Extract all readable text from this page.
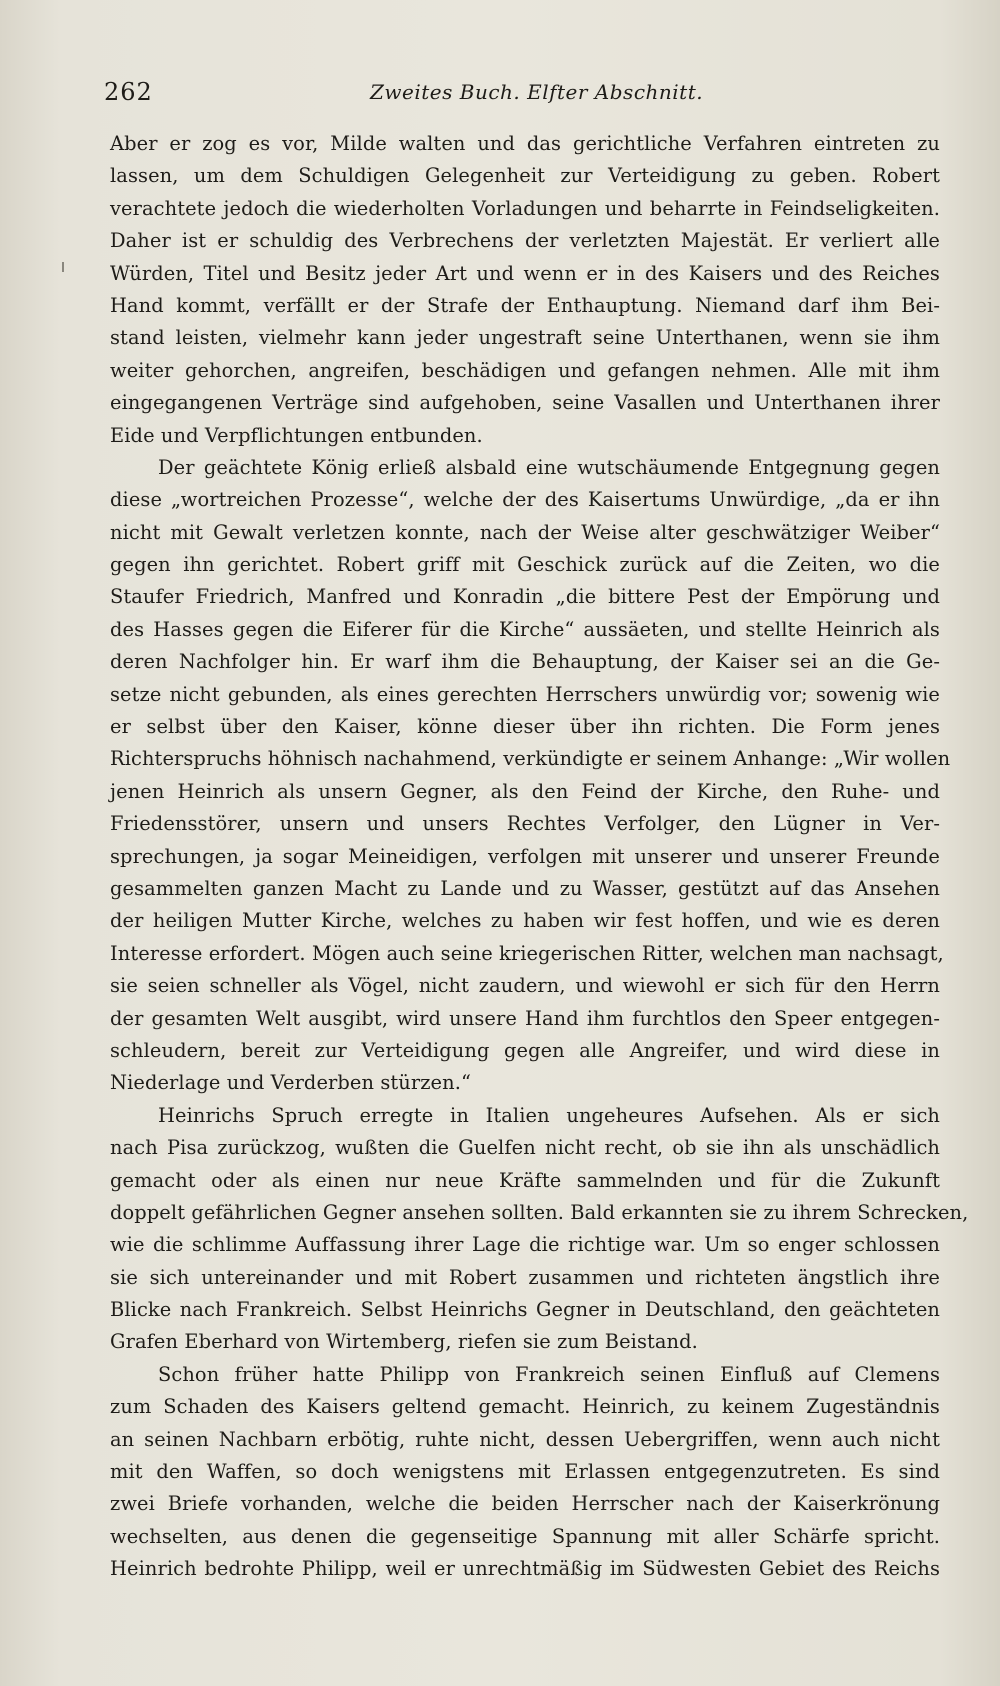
262	Zweites Buch. Elfter Abschnitt.
Aber er zog es vor, Milde walten und das gerichtliche Verfahren eintreten zu
lassen, um dem Schuldigen Gelegenheit zur Verteidigung zu geben. Robert
verachtete jedoch die wiederholten Vorladungen und beharrte in Feindseligkeiten.
Daher ist er schuldig des Verbrechens der verletzten Majestät. Er verliert alle
Würden, Titel und Besitz jeder Art und wenn er in des Kaisers und des Reiches
Hand kommt, verfällt er der Strafe der Enthauptung. Niemand darf ihm Bei-
stand leisten, vielmehr kann jeder ungestraft seine Unterthanen, wenn sie ihm
weiter gehorchen, angreifen, beschädigen und gefangen nehmen. Alle mit ihm
eingegangenen Verträge sind aufgehoben, seine Vasallen und Unterthanen ihrer
Eide und Verpflichtungen entbunden.
Der geächtete König erließ alsbald eine wutschäumende Entgegnung gegen
diese „wortreichen Prozesse“, welche der des Kaisertums Unwürdige, „da er ihn
nicht mit Gewalt verletzen konnte, nach der Weise alter geschwätziger Weiber“
gegen ihn gerichtet. Robert griff mit Geschick zurück auf die Zeiten, wo die
Staufer Friedrich, Manfred und Konradin „die bittere Pest der Empörung und
des Hasses gegen die Eiferer für die Kirche“ aussäeten, und stellte Heinrich als
deren Nachfolger hin. Er warf ihm die Behauptung, der Kaiser sei an die Ge-
setze nicht gebunden, als eines gerechten Herrschers unwürdig vor; sowenig wie
er selbst über den Kaiser, könne dieser über ihn richten. Die Form jenes
Richterspruchs höhnisch nachahmend, verkündigte er seinem Anhange: „Wir wollen
jenen Heinrich als unsern Gegner, als den Feind der Kirche, den Ruhe- und
Friedensstörer, unsern und unsers Rechtes Verfolger, den Lügner in Ver-
sprechungen, ja sogar Meineidigen, verfolgen mit unserer und unserer Freunde
gesammelten ganzen Macht zu Lande und zu Wasser, gestützt auf das Ansehen
der heiligen Mutter Kirche, welches zu haben wir fest hoffen, und wie es deren
Interesse erfordert. Mögen auch seine kriegerischen Ritter, welchen man nachsagt,
sie seien schneller als Vögel, nicht zaudern, und wiewohl er sich für den Herrn
der gesamten Welt ausgibt, wird unsere Hand ihm furchtlos den Speer entgegen-
schleudern, bereit zur Verteidigung gegen alle Angreifer, und wird diese in
Niederlage und Verderben stürzen.“
Heinrichs Spruch erregte in Italien ungeheures Aufsehen. Als er sich
nach Pisa zurückzog, wußten die Guelfen nicht recht, ob sie ihn als unschädlich
gemacht oder als einen nur neue Kräfte sammelnden und für die Zukunft
doppelt gefährlichen Gegner ansehen sollten. Bald erkannten sie zu ihrem Schrecken,
wie die schlimme Auffassung ihrer Lage die richtige war. Um so enger schlossen
sie sich untereinander und mit Robert zusammen und richteten ängstlich ihre
Blicke nach Frankreich. Selbst Heinrichs Gegner in Deutschland, den geächteten
Grafen Eberhard von Wirtemberg, riefen sie zum Beistand.
Schon früher hatte Philipp von Frankreich seinen Einfluß auf Clemens
zum Schaden des Kaisers geltend gemacht. Heinrich, zu keinem Zugeständnis
an seinen Nachbarn erbötig, ruhte nicht, dessen Uebergriffen, wenn auch nicht
mit den Waffen, so doch wenigstens mit Erlassen entgegenzutreten. Es sind
zwei Briefe vorhanden, welche die beiden Herrscher nach der Kaiserkrönung
wechselten, aus denen die gegenseitige Spannung mit aller Schärfe spricht.
Heinrich bedrohte Philipp, weil er unrechtmäßig im Südwesten Gebiet des Reichs
